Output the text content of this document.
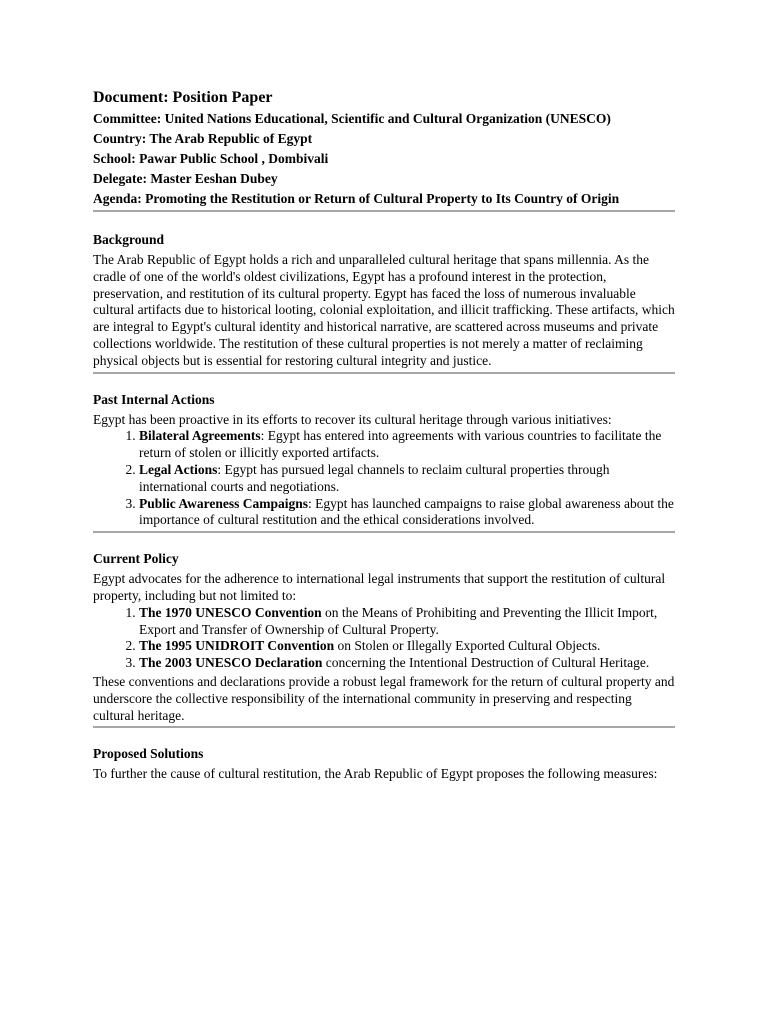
Document: Position Paper
Committee: United Nations Educational, Scientific and Cultural Organization (UNESCO)
Country: The Arab Republic of Egypt
School: Pawar Public School , Dombivali
Delegate: Master Eeshan Dubey
Agenda: Promoting the Restitution or Return of Cultural Property to Its Country of Origin
Background

The Arab Republic of Egypt holds a rich and unparalleled cultural heritage that spans millennia. As the cradle of one of the world's oldest civilizations, Egypt has a profound interest in the protection, preservation, and restitution of its cultural property. Egypt has faced the loss of numerous invaluable cultural artifacts due to historical looting, colonial exploitation, and illicit trafficking. These artifacts, which are integral to Egypt's cultural identity and historical narrative, are scattered across museums and private collections worldwide. The restitution of these cultural properties is not merely a matter of reclaiming physical objects but is essential for restoring cultural integrity and justice.

Past Internal Actions

Egypt has been proactive in its efforts to recover its cultural heritage through various initiatives:

1. Bilateral Agreements: Egypt has entered into agreements with various countries to facilitate the return of stolen or illicitly exported artifacts.
2. Legal Actions: Egypt has pursued legal channels to reclaim cultural properties through international courts and negotiations.
3. Public Awareness Campaigns: Egypt has launched campaigns to raise global awareness about the importance of cultural restitution and the ethical considerations involved.
Current Policy

Egypt advocates for the adherence to international legal instruments that support the restitution of cultural property, including but not limited to:

1. The 1970 UNESCO Convention on the Means of Prohibiting and Preventing the Illicit Import, Export and Transfer of Ownership of Cultural Property.
2. The 1995 UNIDROIT Convention on Stolen or Illegally Exported Cultural Objects.
3. The 2003 UNESCO Declaration concerning the Intentional Destruction of Cultural Heritage.

These conventions and declarations provide a robust legal framework for the return of cultural property and underscore the collective responsibility of the international community in preserving and respecting cultural heritage.

Proposed Solutions

To further the cause of cultural restitution, the Arab Republic of Egypt proposes the following measures:
